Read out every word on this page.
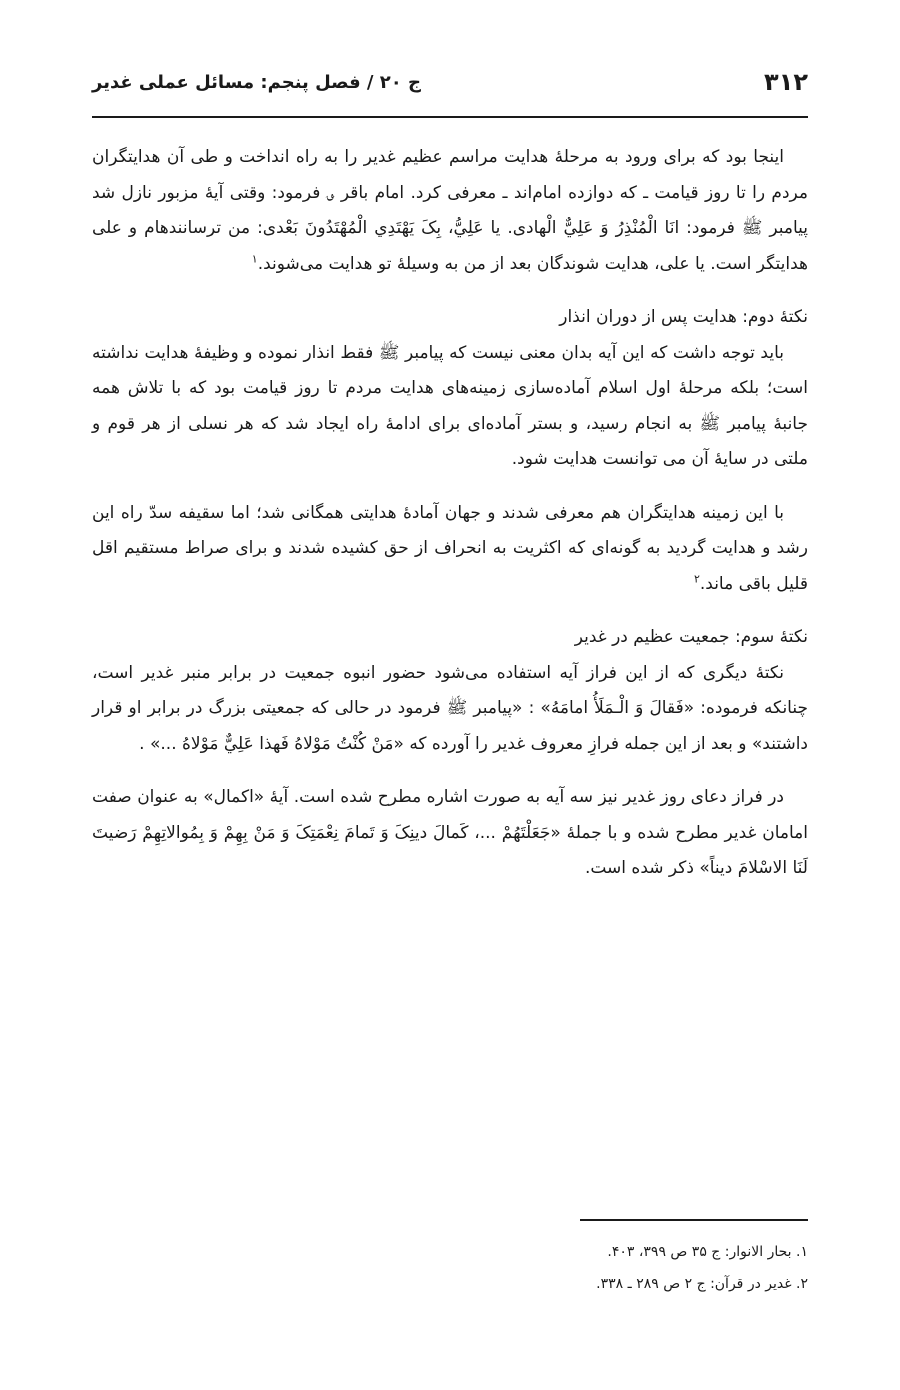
۳۱۲
ج ۲۰ / فصل پنجم: مسائل عملی غدیر

اینجا بود که برای ورود به مرحلهٔ هدایت مراسم عظیم غدیر را به راه انداخت و طی آن هدایتگران مردم را تا روز قیامت ـ که دوازده امام‌اند ـ معرفی کرد. امام باقر ؈ فرمود: وقتی آیهٔ مزبور نازل شد پیامبر ﷺ فرمود: انَا الْمُنْذِرُ وَ عَلِيٌّ الْهادی. یا عَلِيُّ، بِکَ یَهْتَدِي الْمُهْتَدُونَ بَعْدی: من ترسانندهام و علی هدایتگر است. یا علی، هدایت شوندگان بعد از من به وسیلهٔ تو هدایت می‌شوند.$^۱$

نکتهٔ دوم: هدایت پس از دوران انذار

باید توجه داشت که این آیه بدان معنی نیست که پیامبر ﷺ فقط انذار نموده و وظیفهٔ هدایت نداشته است؛ بلکه مرحلهٔ اول اسلام آماده‌سازی زمینه‌های هدایت مردم تا روز قیامت بود که با تلاش همه جانبهٔ پیامبر ﷺ به انجام رسید، و بستر آماده‌ای برای ادامهٔ راه ایجاد شد که هر نسلی از هر قوم و ملتی در سایهٔ آن می توانست هدایت شود.

با این زمینه هدایتگران هم معرفی شدند و جهان آمادهٔ هدایتی همگانی شد؛ اما سقیفه سدّ راه این رشد و هدایت گردید به گونه‌ای که اکثریت به انحراف از حق کشیده شدند و برای صراط مستقیم اقل قلیل باقی ماند.$^۲$

نکتهٔ سوم: جمعیت عظیم در غدیر

نکتهٔ دیگری که از این فراز آیه استفاده می‌شود حضور انبوه جمعیت در برابر منبر غدیر است، چنانکه فرموده: «فَقالَ وَ الْـمَلَأُ امامَهُ» : «پیامبر ﷺ فرمود در حالی که جمعیتی بزرگ در برابر او قرار داشتند» و بعد از این جمله فرازِ معروف غدیر را آورده که «مَنْ کُنْتُ مَوْلاهُ فَهذا عَلِيٌّ مَوْلاهُ ...» .

در فراز دعای روز غدیر نیز سه آیه به صورت اشاره مطرح شده است. آیهٔ «اکمال» به عنوان صفت امامان غدیر مطرح شده و با جملهٔ «جَعَلْتَهُمْ ...، کَمالَ دینِکَ وَ تَمامَ نِعْمَتِکَ وَ مَنْ بِهِمْ وَ بِمُوالاتِهِمْ رَضیتَ لَنَا الاسْلامَ دیناً» ذکر شده است.

۱. بحار الانوار: ج ۳۵ ص ۳۹۹، ۴۰۳.
۲. غدیر در قرآن: ج ۲ ص ۲۸۹ ـ ۳۳۸.
